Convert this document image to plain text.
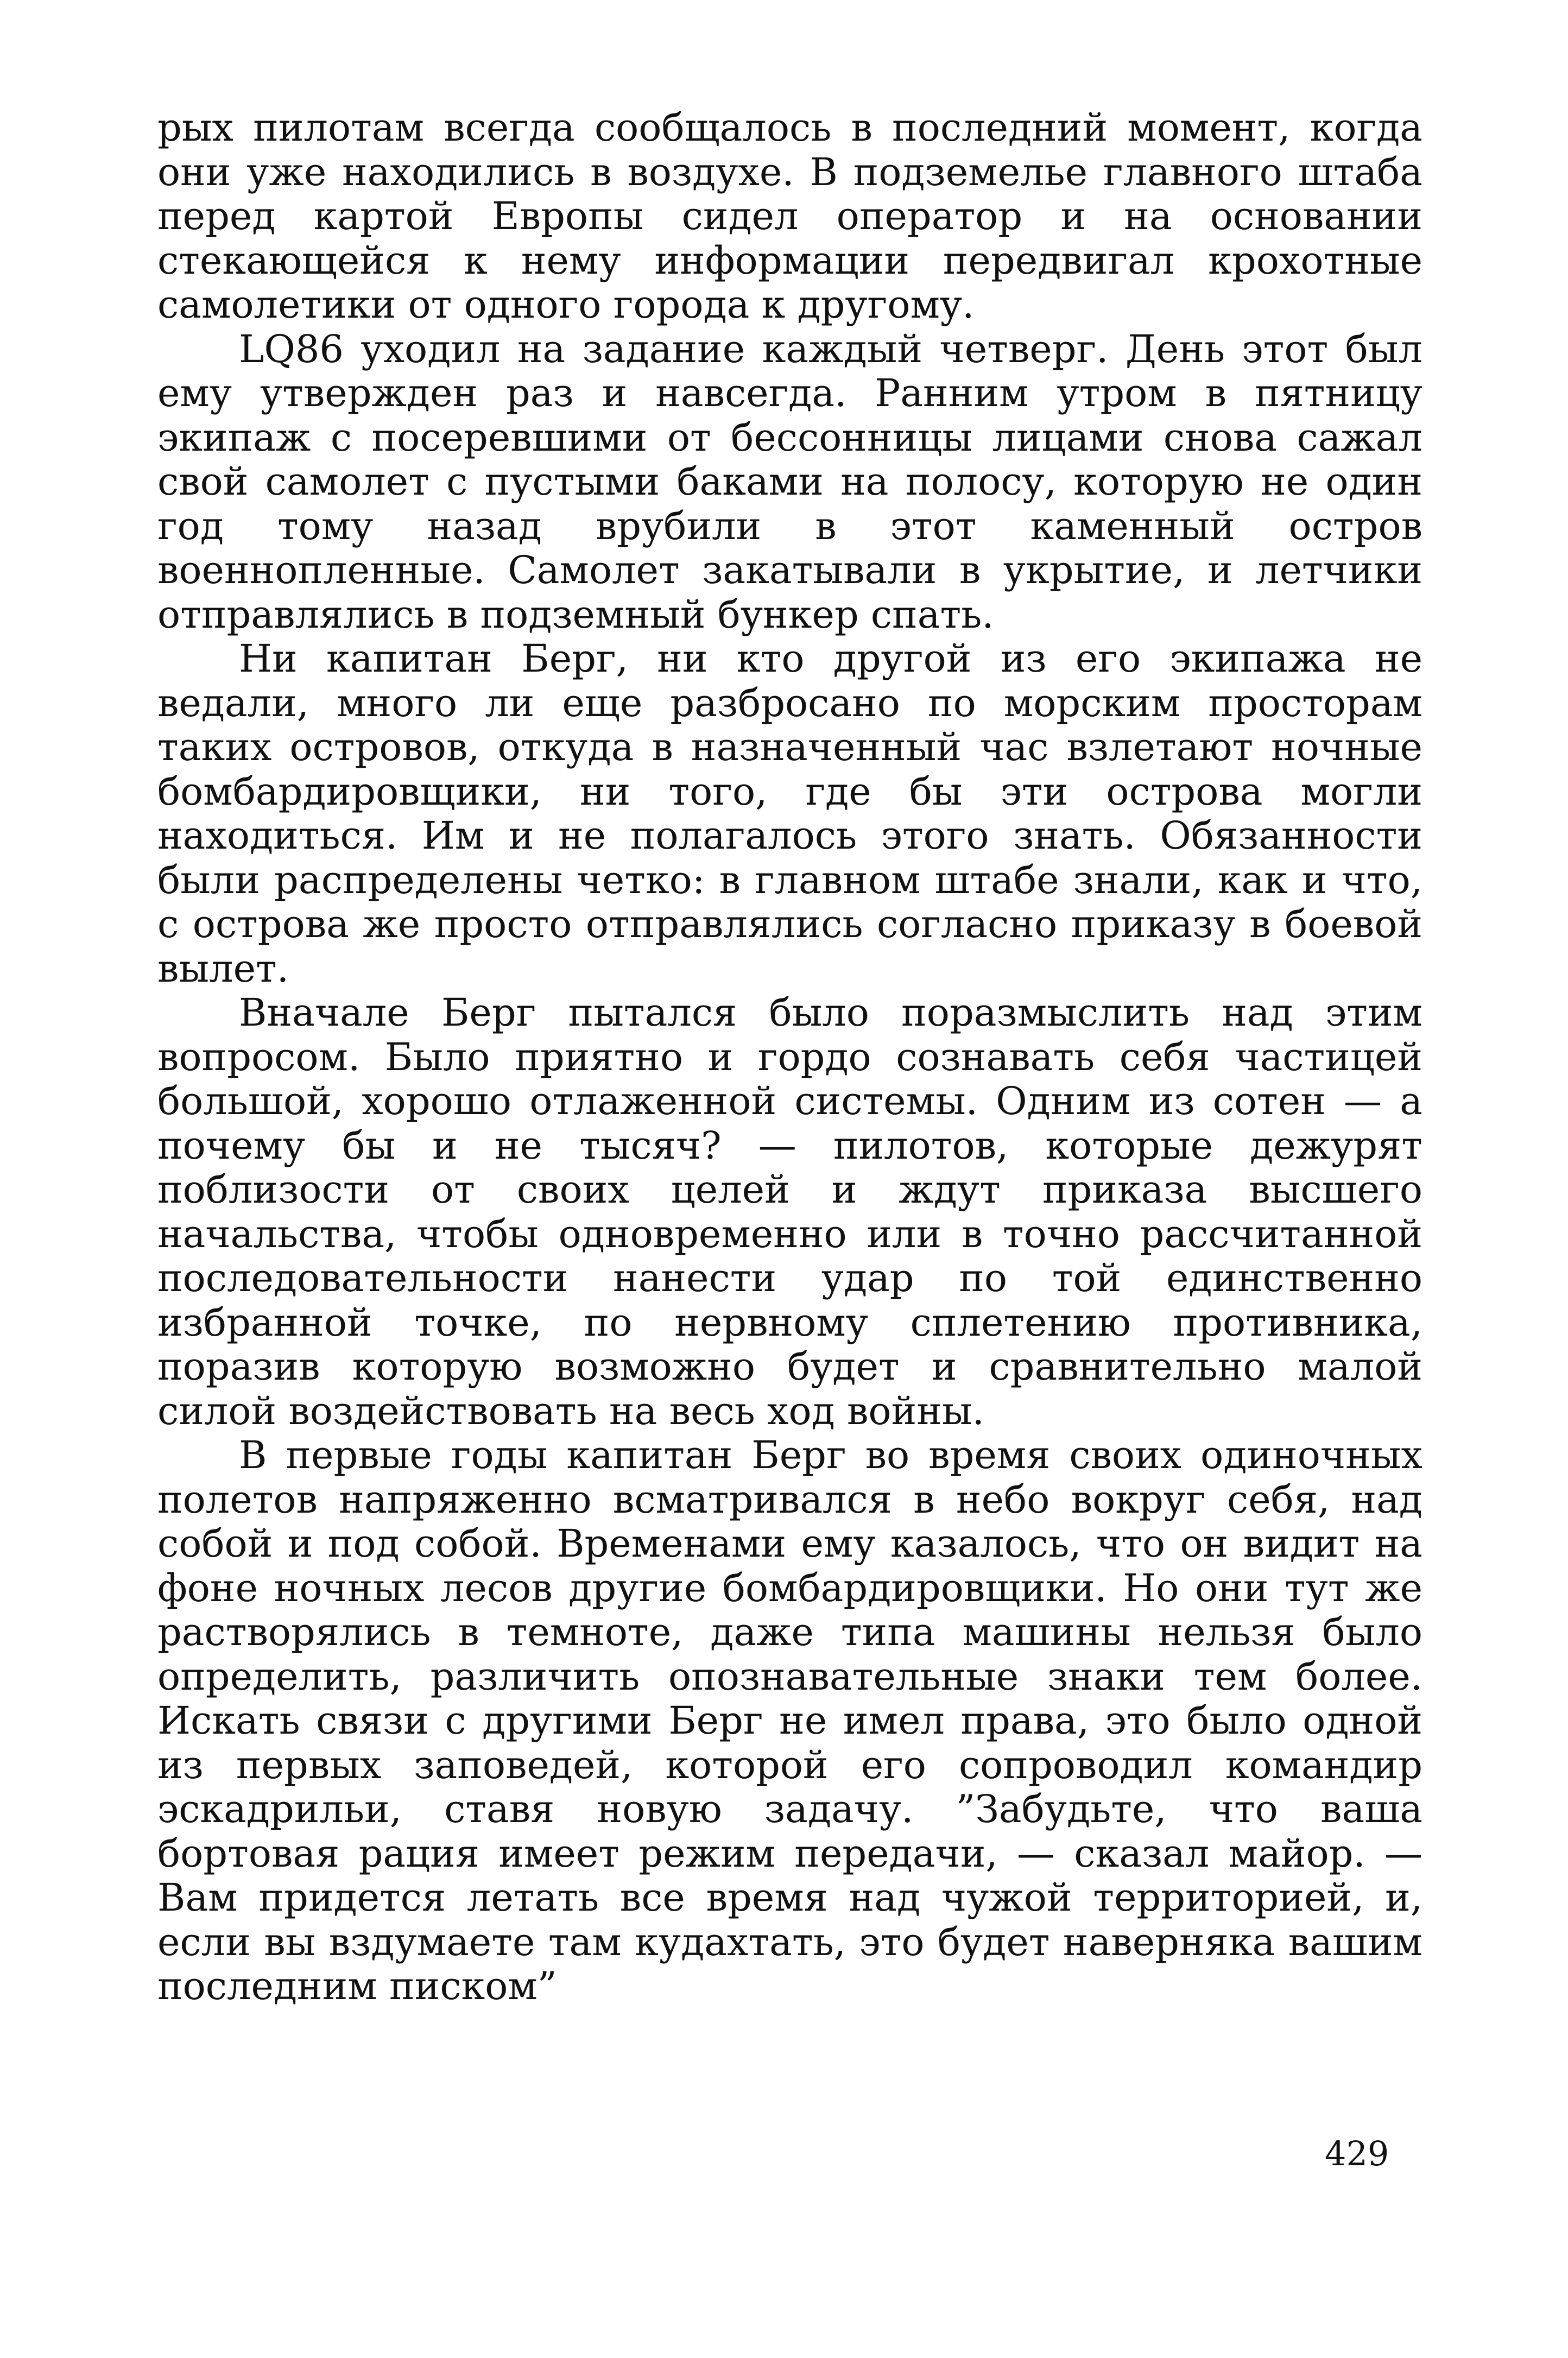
рых пилотам всегда сообщалось в последний момент, когда они уже находились в воздухе. В подземелье главного штаба перед картой Европы сидел оператор и на основании стекающейся к нему информации передвигал крохотные самолетики от одного города к другому.

LQ86 уходил на задание каждый четверг. День этот был ему утвержден раз и навсегда. Ранним утром в пятницу экипаж с посеревшими от бессонницы лицами снова сажал свой самолет с пустыми баками на полосу, которую не один год тому назад врубили в этот каменный остров военнопленные. Самолет закатывали в укрытие, и летчики отправлялись в подземный бункер спать.

Ни капитан Берг, ни кто другой из его экипажа не ведали, много ли еще разбросано по морским просторам таких островов, откуда в назначенный час взлетают ночные бомбардировщики, ни того, где бы эти острова могли находиться. Им и не полагалось этого знать. Обязанности были распределены четко: в главном штабе знали, как и что, с острова же просто отправлялись согласно приказу в боевой вылет.

Вначале Берг пытался было поразмыслить над этим вопросом. Было приятно и гордо сознавать себя частицей большой, хорошо отлаженной системы. Одним из сотен — а почему бы и не тысяч? — пилотов, которые дежурят поблизости от своих целей и ждут приказа высшего начальства, чтобы одновременно или в точно рассчитанной последовательности нанести удар по той единственно избранной точке, по нервному сплетению противника, поразив которую возможно будет и сравнительно малой силой воздействовать на весь ход войны.

В первые годы капитан Берг во время своих одиночных полетов напряженно всматривался в небо вокруг себя, над собой и под собой. Временами ему казалось, что он видит на фоне ночных лесов другие бомбардировщики. Но они тут же растворялись в темноте, даже типа машины нельзя было определить, различить опознавательные знаки тем более. Искать связи с другими Берг не имел права, это было одной из первых заповедей, которой его сопроводил командир эскадрильи, ставя новую задачу. ”Забудьте, что ваша бортовая рация имеет режим передачи, — сказал майор. — Вам придется летать все время над чужой территорией, и, если вы вздумаете там кудахтать, это будет наверняка вашим последним писком”

429
